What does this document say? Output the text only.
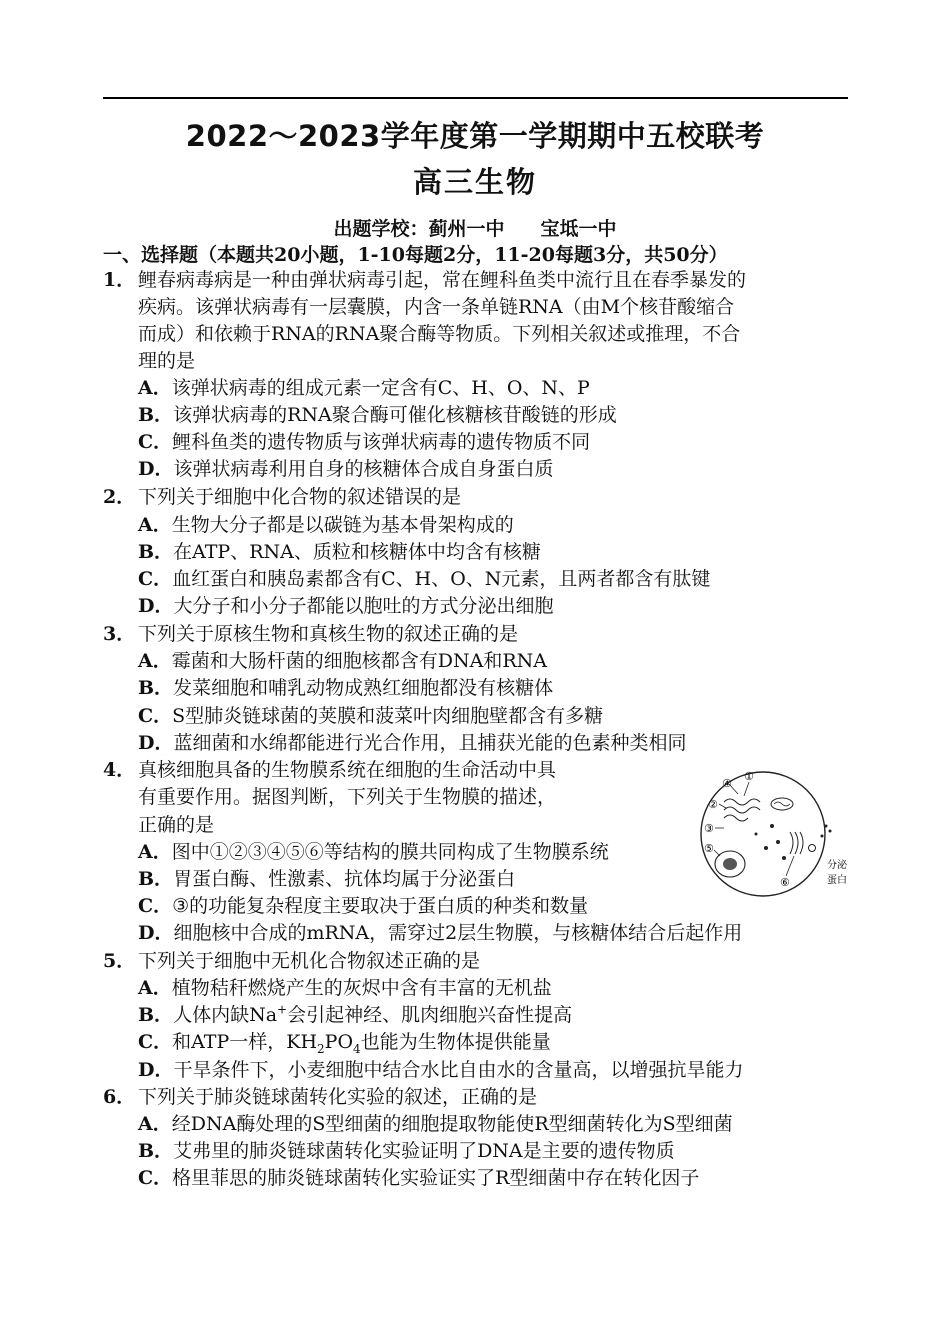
2022～2023学年度第一学期期中五校联考
高三生物
出题学校：蓟州一中 宝坻一中
一、选择题（本题共20小题，1-10每题2分，11-20每题3分，共50分）
1． 鲤春病毒病是一种由弹状病毒引起，常在鲤科鱼类中流行且在春季暴发的
疾病。该弹状病毒有一层囊膜，内含一条单链RNA（由M个核苷酸缩合
而成）和依赖于RNA的RNA聚合酶等物质。下列相关叙述或推理，不合
理的是
A．该弹状病毒的组成元素一定含有C、H、O、N、P
B．该弹状病毒的RNA聚合酶可催化核糖核苷酸链的形成
C．鲤科鱼类的遗传物质与该弹状病毒的遗传物质不同
D．该弹状病毒利用自身的核糖体合成自身蛋白质
2． 下列关于细胞中化合物的叙述错误的是
A．生物大分子都是以碳链为基本骨架构成的
B．在ATP、RNA、质粒和核糖体中均含有核糖
C．血红蛋白和胰岛素都含有C、H、O、N元素，且两者都含有肽键
D．大分子和小分子都能以胞吐的方式分泌出细胞
3． 下列关于原核生物和真核生物的叙述正确的是
A．霉菌和大肠杆菌的细胞核都含有DNA和RNA
B．发菜细胞和哺乳动物成熟红细胞都没有核糖体
C．S型肺炎链球菌的荚膜和菠菜叶肉细胞壁都含有多糖
D．蓝细菌和水绵都能进行光合作用，且捕获光能的色素种类相同
4． 真核细胞具备的生物膜系统在细胞的生命活动中具
有重要作用。据图判断，下列关于生物膜的描述，
正确的是
A．图中①②③④⑤⑥等结构的膜共同构成了生物膜系统
B．胃蛋白酶、性激素、抗体均属于分泌蛋白
C．③的功能复杂程度主要取决于蛋白质的种类和数量
D．细胞核中合成的mRNA，需穿过2层生物膜，与核糖体结合后起作用
①
②
③
④
⑤
⑥
分泌
蛋白
5． 下列关于细胞中无机化合物叙述正确的是
A．植物秸秆燃烧产生的灰烬中含有丰富的无机盐
B．人体内缺Na+会引起神经、肌肉细胞兴奋性提高
C．和ATP一样，$KH_2PO_4$也能为生物体提供能量
D．干旱条件下，小麦细胞中结合水比自由水的含量高，以增强抗旱能力
6． 下列关于肺炎链球菌转化实验的叙述，正确的是
A．经DNA酶处理的S型细菌的细胞提取物能使R型细菌转化为S型细菌
B．艾弗里的肺炎链球菌转化实验证明了DNA是主要的遗传物质
C．格里菲思的肺炎链球菌转化实验证实了R型细菌中存在转化因子
